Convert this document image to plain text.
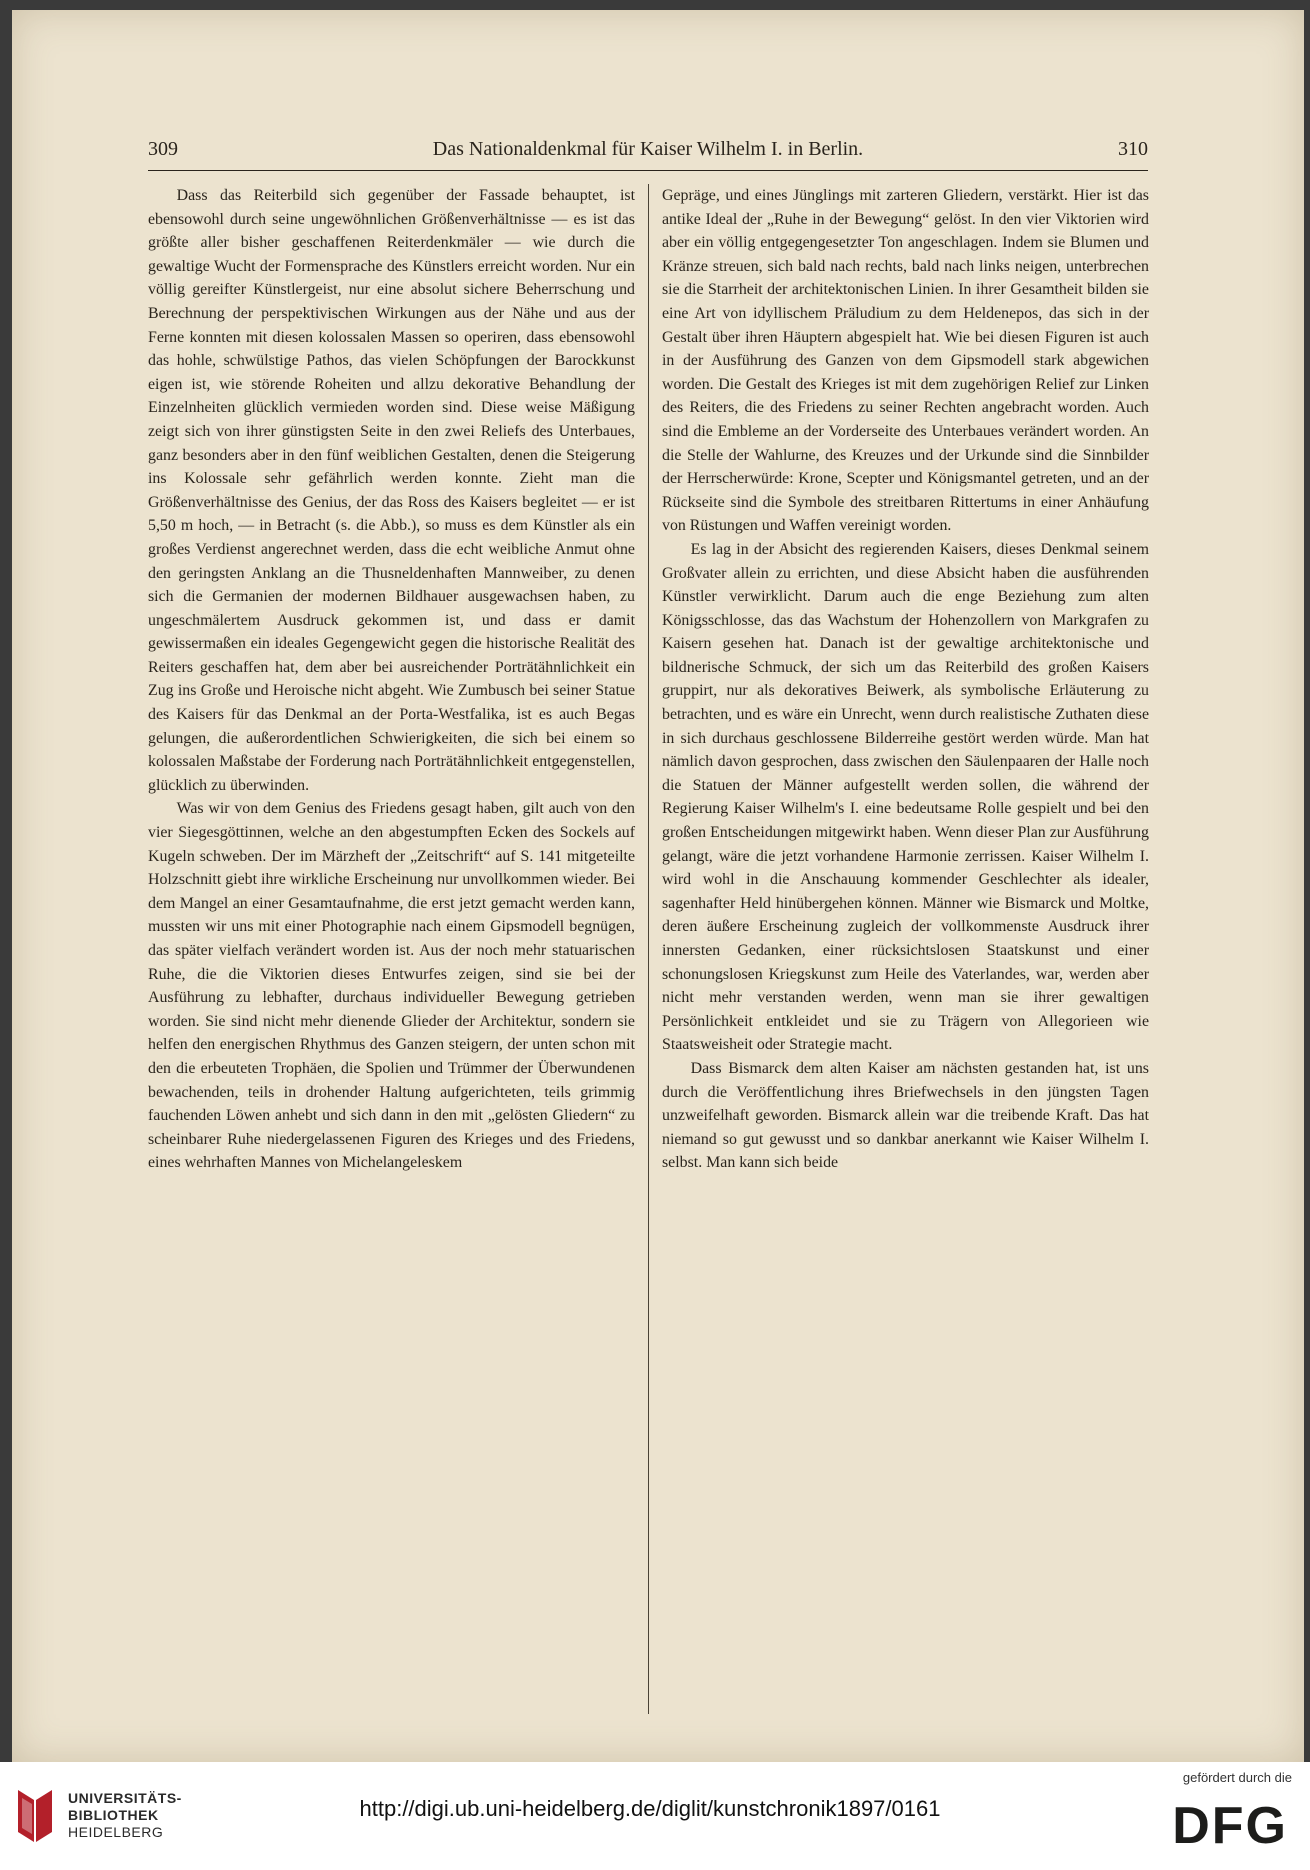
309	Das Nationaldenkmal für Kaiser Wilhelm I. in Berlin.	310

Dass das Reiterbild sich gegenüber der Fassade behauptet, ist ebensowohl durch seine ungewöhnlichen Größenverhältnisse — es ist das größte aller bisher geschaffenen Reiterdenkmäler — wie durch die gewaltige Wucht der Formensprache des Künstlers erreicht worden. Nur ein völlig gereifter Künstlergeist, nur eine absolut sichere Beherrschung und Berechnung der perspektivischen Wirkungen aus der Nähe und aus der Ferne konnten mit diesen kolossalen Massen so operiren, dass ebensowohl das hohle, schwülstige Pathos, das vielen Schöpfungen der Barockkunst eigen ist, wie störende Roheiten und allzu dekorative Behandlung der Einzelnheiten glücklich vermieden worden sind. Diese weise Mäßigung zeigt sich von ihrer günstigsten Seite in den zwei Reliefs des Unterbaues, ganz besonders aber in den fünf weiblichen Gestalten, denen die Steigerung ins Kolossale sehr gefährlich werden konnte. Zieht man die Größenverhältnisse des Genius, der das Ross des Kaisers begleitet — er ist 5,50 m hoch, — in Betracht (s. die Abb.), so muss es dem Künstler als ein großes Verdienst angerechnet werden, dass die echt weibliche Anmut ohne den geringsten Anklang an die Thusneldenhaften Mannweiber, zu denen sich die Germanien der modernen Bildhauer ausgewachsen haben, zu ungeschmälertem Ausdruck gekommen ist, und dass er damit gewissermaßen ein ideales Gegengewicht gegen die historische Realität des Reiters geschaffen hat, dem aber bei ausreichender Porträtähnlichkeit ein Zug ins Große und Heroische nicht abgeht. Wie Zumbusch bei seiner Statue des Kaisers für das Denkmal an der Porta-Westfalika, ist es auch Begas gelungen, die außerordentlichen Schwierigkeiten, die sich bei einem so kolossalen Maßstabe der Forderung nach Porträtähnlichkeit entgegenstellen, glücklich zu überwinden.

Was wir von dem Genius des Friedens gesagt haben, gilt auch von den vier Siegesgöttinnen, welche an den abgestumpften Ecken des Sockels auf Kugeln schweben. Der im Märzheft der „Zeitschrift“ auf S. 141 mitgeteilte Holzschnitt giebt ihre wirkliche Erscheinung nur unvollkommen wieder. Bei dem Mangel an einer Gesamtaufnahme, die erst jetzt gemacht werden kann, mussten wir uns mit einer Photographie nach einem Gipsmodell begnügen, das später vielfach verändert worden ist. Aus der noch mehr statuarischen Ruhe, die die Viktorien dieses Entwurfes zeigen, sind sie bei der Ausführung zu lebhafter, durchaus individueller Bewegung getrieben worden. Sie sind nicht mehr dienende Glieder der Architektur, sondern sie helfen den energischen Rhythmus des Ganzen steigern, der unten schon mit den die erbeuteten Trophäen, die Spolien und Trümmer der Überwundenen bewachenden, teils in drohender Haltung aufgerichteten, teils grimmig fauchenden Löwen anhebt und sich dann in den mit „gelösten Gliedern“ zu scheinbarer Ruhe niedergelassenen Figuren des Krieges und des Friedens, eines wehrhaften Mannes von Michelangeleskem

Gepräge, und eines Jünglings mit zarteren Gliedern, verstärkt. Hier ist das antike Ideal der „Ruhe in der Bewegung“ gelöst. In den vier Viktorien wird aber ein völlig entgegengesetzter Ton angeschlagen. Indem sie Blumen und Kränze streuen, sich bald nach rechts, bald nach links neigen, unterbrechen sie die Starrheit der architektonischen Linien. In ihrer Gesamtheit bilden sie eine Art von idyllischem Präludium zu dem Heldenepos, das sich in der Gestalt über ihren Häuptern abgespielt hat. Wie bei diesen Figuren ist auch in der Ausführung des Ganzen von dem Gipsmodell stark abgewichen worden. Die Gestalt des Krieges ist mit dem zugehörigen Relief zur Linken des Reiters, die des Friedens zu seiner Rechten angebracht worden. Auch sind die Embleme an der Vorderseite des Unterbaues verändert worden. An die Stelle der Wahlurne, des Kreuzes und der Urkunde sind die Sinnbilder der Herrscherwürde: Krone, Scepter und Königsmantel getreten, und an der Rückseite sind die Symbole des streitbaren Rittertums in einer Anhäufung von Rüstungen und Waffen vereinigt worden.

Es lag in der Absicht des regierenden Kaisers, dieses Denkmal seinem Großvater allein zu errichten, und diese Absicht haben die ausführenden Künstler verwirklicht. Darum auch die enge Beziehung zum alten Königsschlosse, das das Wachstum der Hohenzollern von Markgrafen zu Kaisern gesehen hat. Danach ist der gewaltige architektonische und bildnerische Schmuck, der sich um das Reiterbild des großen Kaisers gruppirt, nur als dekoratives Beiwerk, als symbolische Erläuterung zu betrachten, und es wäre ein Unrecht, wenn durch realistische Zuthaten diese in sich durchaus geschlossene Bilderreihe gestört werden würde. Man hat nämlich davon gesprochen, dass zwischen den Säulenpaaren der Halle noch die Statuen der Männer aufgestellt werden sollen, die während der Regierung Kaiser Wilhelm's I. eine bedeutsame Rolle gespielt und bei den großen Entscheidungen mitgewirkt haben. Wenn dieser Plan zur Ausführung gelangt, wäre die jetzt vorhandene Harmonie zerrissen. Kaiser Wilhelm I. wird wohl in die Anschauung kommender Geschlechter als idealer, sagenhafter Held hinübergehen können. Männer wie Bismarck und Moltke, deren äußere Erscheinung zugleich der vollkommenste Ausdruck ihrer innersten Gedanken, einer rücksichtslosen Staatskunst und einer schonungslosen Kriegskunst zum Heile des Vaterlandes, war, werden aber nicht mehr verstanden werden, wenn man sie ihrer gewaltigen Persönlichkeit entkleidet und sie zu Trägern von Allegorieen wie Staatsweisheit oder Strategie macht.

Dass Bismarck dem alten Kaiser am nächsten gestanden hat, ist uns durch die Veröffentlichung ihres Briefwechsels in den jüngsten Tagen unzweifelhaft geworden. Bismarck allein war die treibende Kraft. Das hat niemand so gut gewusst und so dankbar anerkannt wie Kaiser Wilhelm I. selbst. Man kann sich beide

UNIVERSITÄTS-
BIBLIOTHEK
HEIDELBERG
http://digi.ub.uni-heidelberg.de/diglit/kunstchronik1897/0161
gefördert durch die
DFG
